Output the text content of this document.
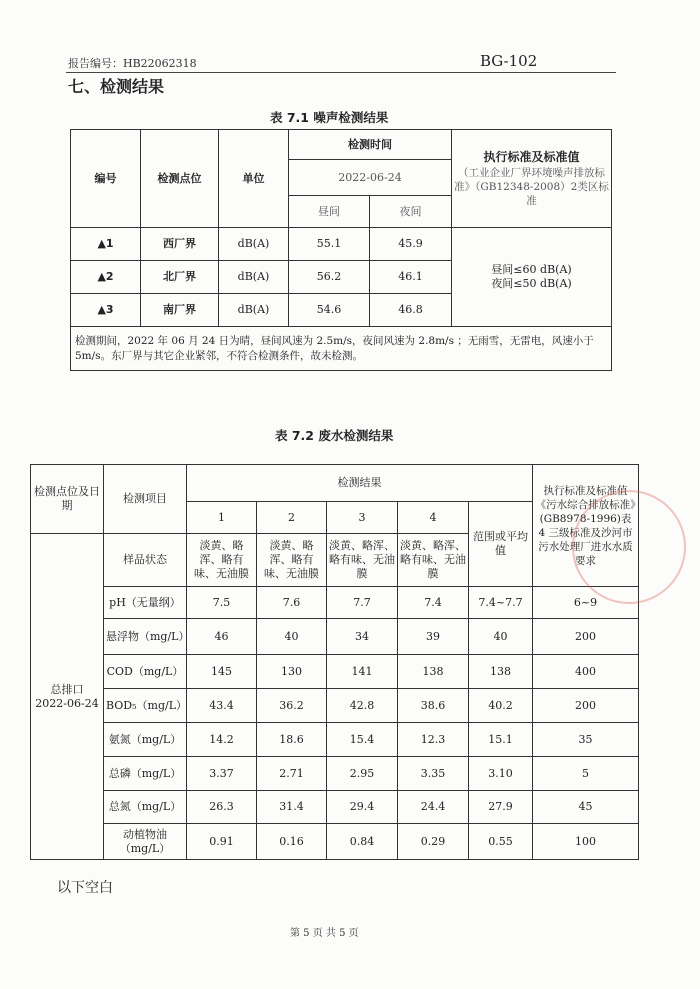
报告编号：HB22062318	BG-102
七、检测结果
表 7.1 噪声检测结果
编号	检测点位	单位	检测时间		执行标准及标准值
（工业企业厂界环境噪声排放标准》（GB12348-2008）2类区标准

			2022-06-24		
			昼间	夜间	
▲1	西厂界	dB(A)	55.1	45.9	昼间≤60 dB(A)
夜间≤50 dB(A)

▲2	北厂界	dB(A)	56.2	46.1	
▲3	南厂界	dB(A)	54.6	46.8	
检测期间，2022 年 06 月 24 日为晴，昼间风速为 2.5m/s，夜间风速为 2.8m/s ；无雨雪，无雷电，风速小于 5m/s。东厂界与其它企业紧邻，不符合检测条件，故未检测。					
表 7.2 废水检测结果
检测点位及日期	检测项目	检测结果					执行标准及标准值《污水综合排放标准》(GB8978-1996)表 4 三级标准及沙河市污水处理厂进水水质要求
		1	2	3	4	范围或平均值	

总排口
2022-06-24	样品状态	淡黄、略浑、略有味、无油膜	淡黄、略浑、略有味、无油膜	淡黄、略浑、略有味、无油膜	淡黄、略浑、略有味、无油膜		
	pH（无量纲）	7.5	7.6	7.7	7.4	7.4~7.7	6~9
	悬浮物（mg/L）	46	40	34	39	40	200
	COD（mg/L）	145	130	141	138	138	400
	BOD₅（mg/L）	43.4	36.2	42.8	38.6	40.2	200
	氨氮（mg/L）	14.2	18.6	15.4	12.3	15.1	35
	总磷（mg/L）	3.37	2.71	2.95	3.35	3.10	5
	总氮（mg/L）	26.3	31.4	29.4	24.4	27.9	45
	动植物油（mg/L）	0.91	0.16	0.84	0.29	0.55	100
以下空白
第 5 页 共 5 页
